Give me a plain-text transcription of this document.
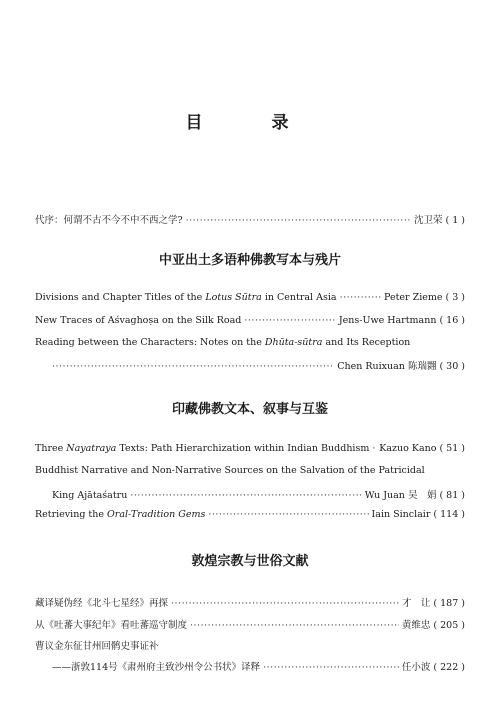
目　录
代序：何谓不古不今不中不西之学? ·····	沈卫荣 ( 1 )
中亚出土多语种佛教写本与残片
Divisions and Chapter Titles of the Lotus Sūtra in Central Asia ·····	Peter Zieme ( 3 )
New Traces of Aśvaghoṣa on the Silk Road ·····	Jens-Uwe Hartmann ( 16 )
Reading between the Characters: Notes on the Dhūta-sūtra and Its Reception
·····
Chen Ruixuan 陈瑞翾 ( 30 )
印藏佛教文本、叙事与互鉴
Three Nayatraya Texts: Path Hierarchization within Indian Buddhism ····· Kazuo Kano ( 51 )
Buddhist Narrative and Non-Narrative Sources on the Salvation of the Patricidal
King Ajātaśatru ·····	Wu Juan 吴　娟 ( 81 )
Retrieving the Oral-Tradition Gems ·····	Iain Sinclair ( 114 )
敦煌宗教与世俗文献
藏译疑伪经《北斗七星经》再探 ·····	才　让 ( 187 )
从《吐蕃大事纪年》看吐蕃巡守制度 ·····	黄维忠 ( 205 )
曹议金东征甘州回鹘史事证补
——浙敦114号《肃州府主致沙州令公书状》译释 ·····	任小波 ( 222 )
